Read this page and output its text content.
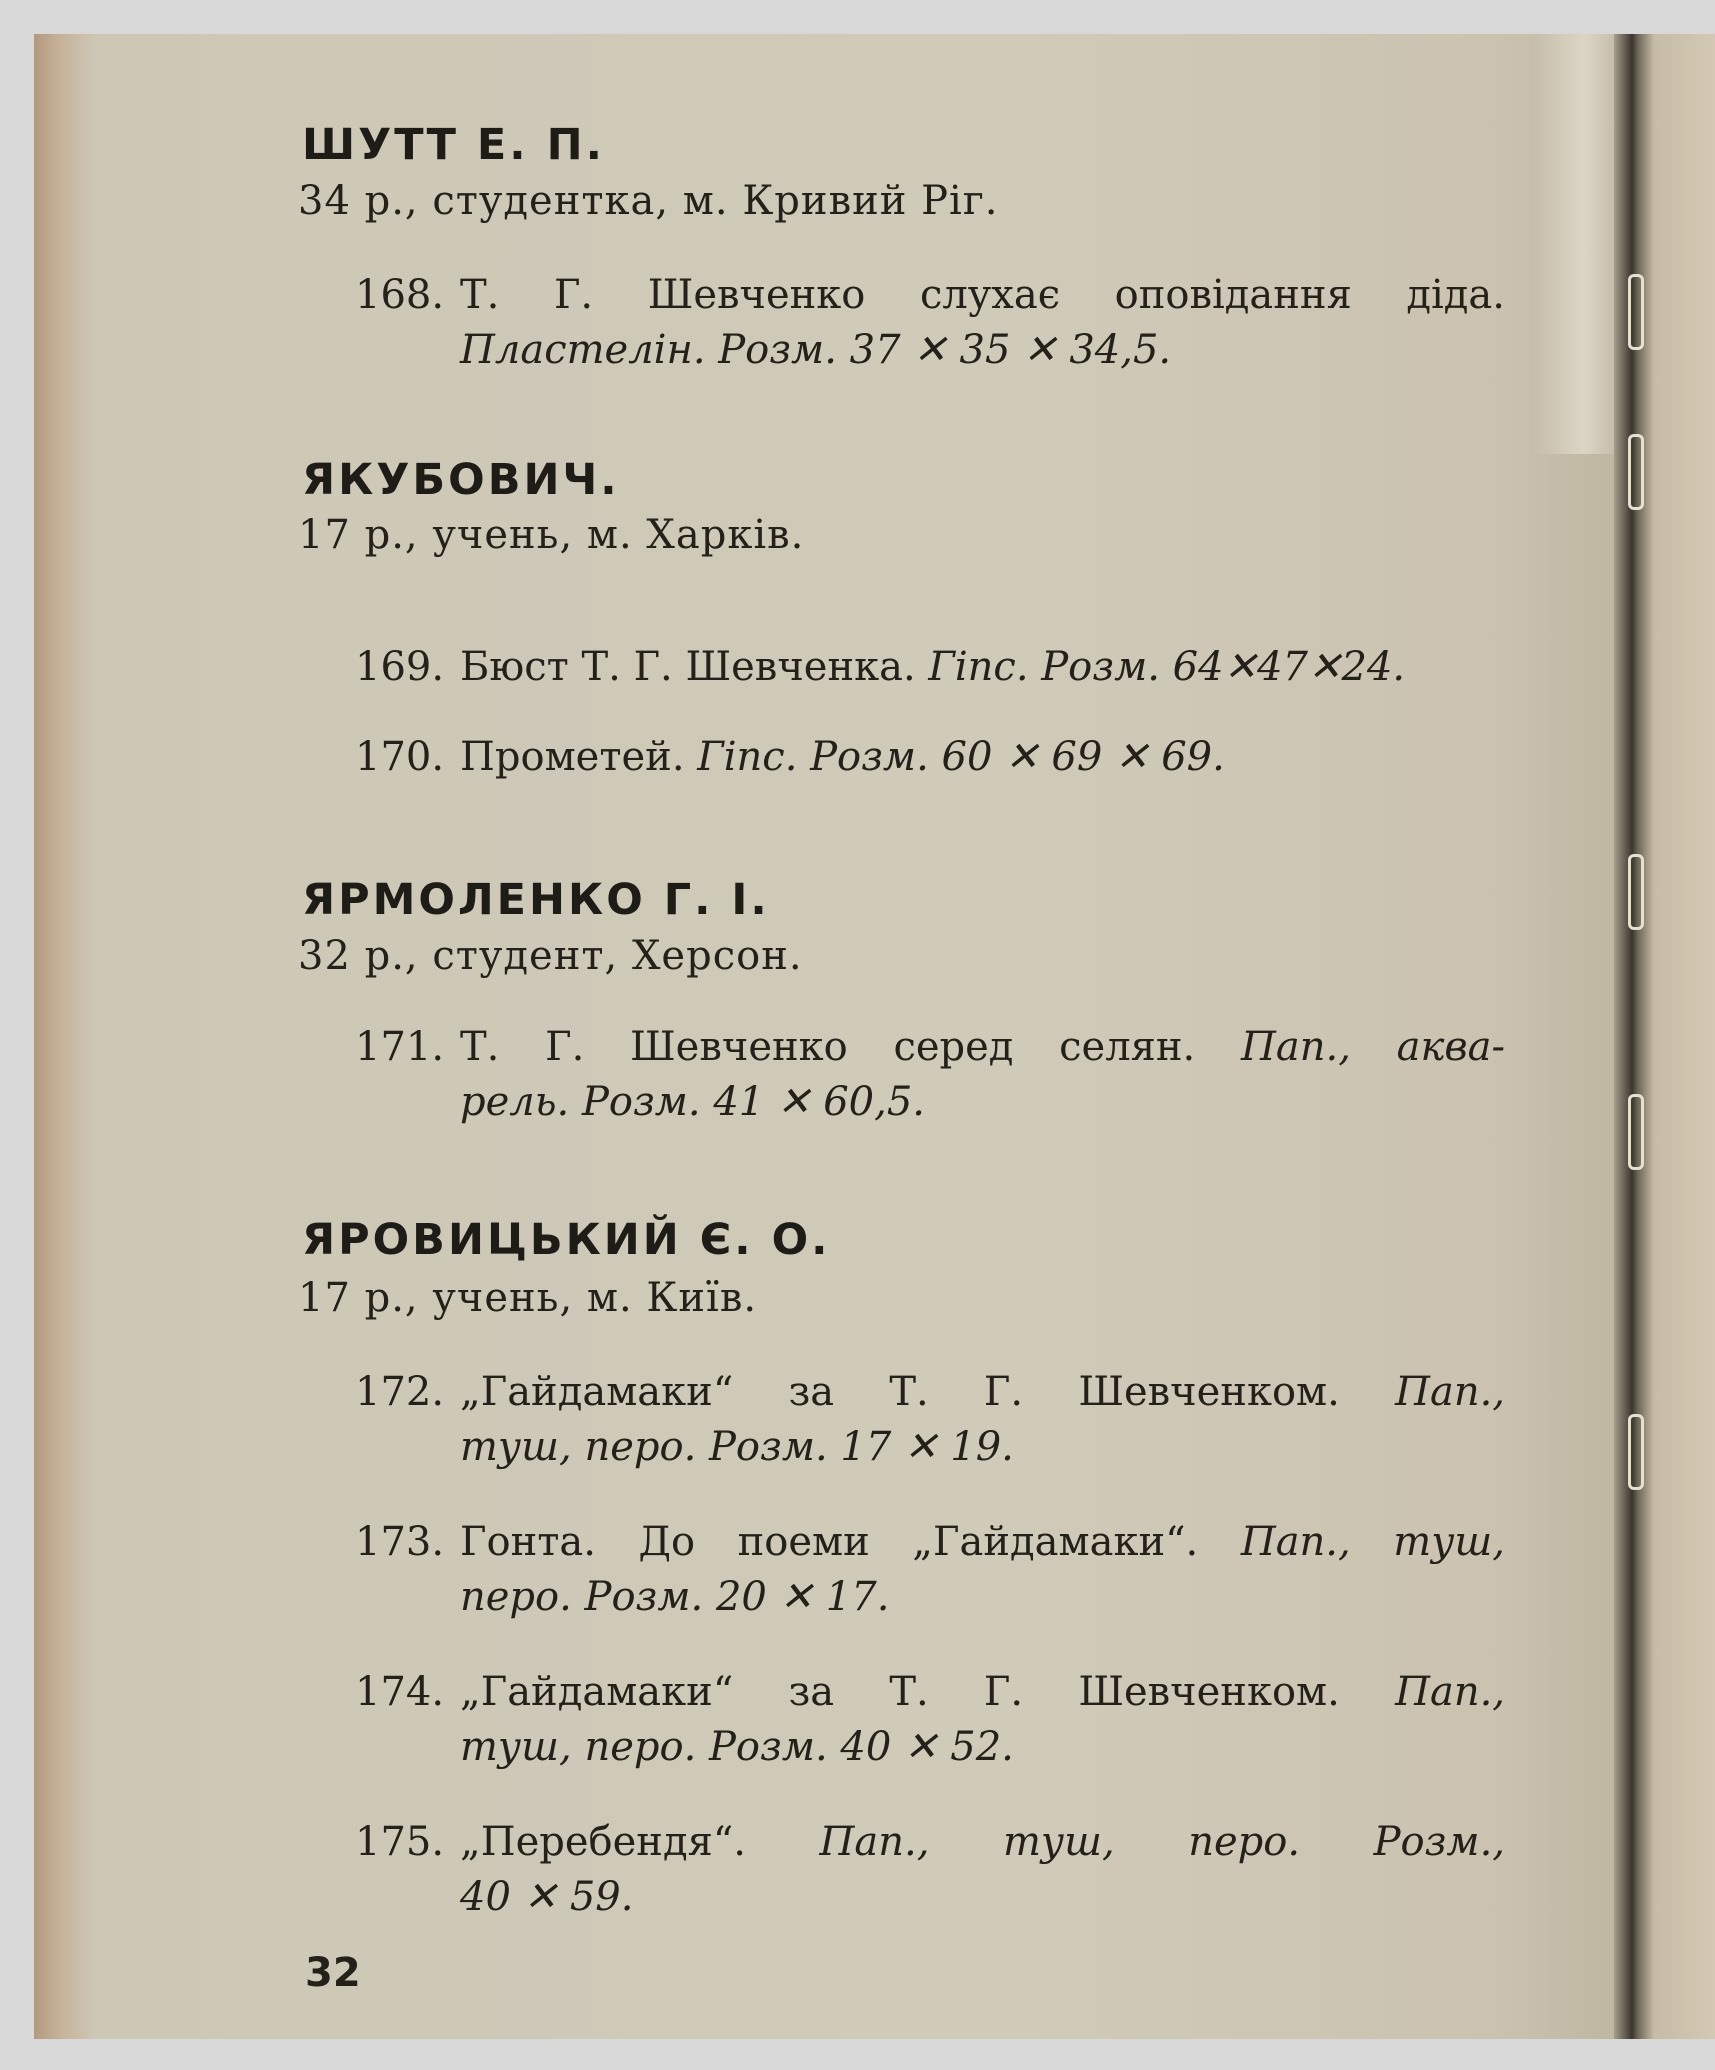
ШУТТ Е. П.
34 р., студентка, м. Кривий Ріг.
168. Т. Г. Шевченко слухає оповідання діда.
Пластелін. Розм. 37 ✕ 35 ✕ 34,5.
ЯКУБОВИЧ.
17 р., учень, м. Харків.
169. Бюст Т. Г. Шевченка. Гіпс. Розм. 64✕47✕24.
170. Прометей. Гіпс. Розм. 60 ✕ 69 ✕ 69.
ЯРМОЛЕНКО Г. І.
32 р., студент, Херсон.
171. Т. Г. Шевченко серед селян. Пап., аква-
рель. Розм. 41 ✕ 60,5.
ЯРОВИЦЬКИЙ Є. О.
17 р., учень, м. Київ.
172. „Гайдамаки“ за Т. Г. Шевченком. Пап.,
туш, перо. Розм. 17 ✕ 19.
173. Гонта. До поеми „Гайдамаки“. Пап., туш,
перо. Розм. 20 ✕ 17.
174. „Гайдамаки“ за Т. Г. Шевченком. Пап.,
туш, перо. Розм. 40 ✕ 52.
175. „Перебендя“. Пап., туш, перо. Розм.,
40 ✕ 59.
32
